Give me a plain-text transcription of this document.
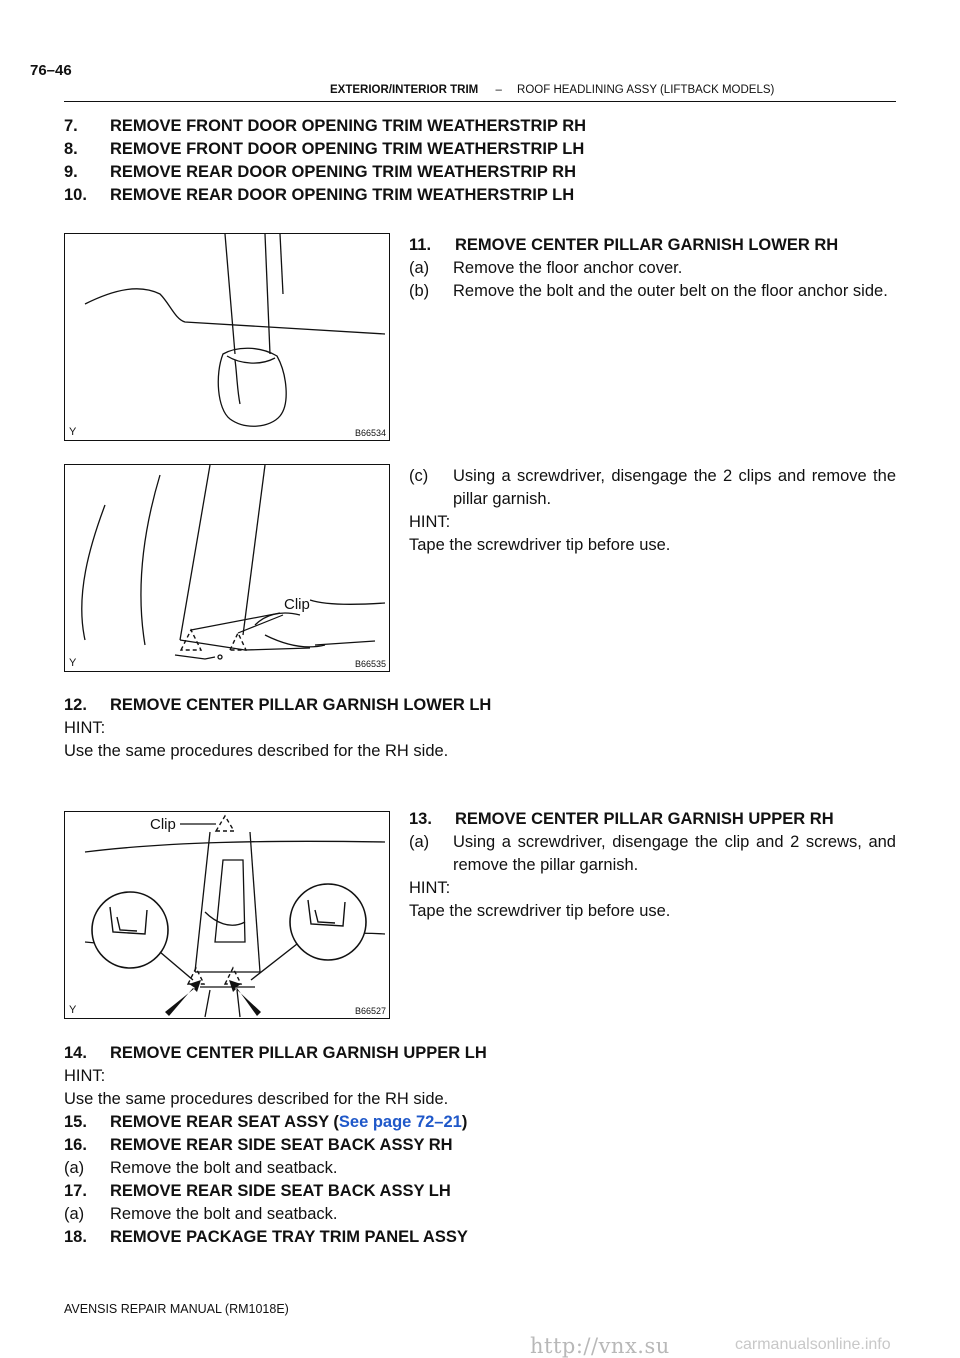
76–46
EXTERIOR/INTERIOR TRIM – ROOF HEADLINING ASSY (LIFTBACK MODELS)
7. REMOVE FRONT DOOR OPENING TRIM WEATHERSTRIP RH
8. REMOVE FRONT DOOR OPENING TRIM WEATHERSTRIP LH
9. REMOVE REAR DOOR OPENING TRIM WEATHERSTRIP RH
10. REMOVE REAR DOOR OPENING TRIM WEATHERSTRIP LH
Y	B66534
11. REMOVE CENTER PILLAR GARNISH LOWER RH
(a) Remove the floor anchor cover.
(b) Remove the bolt and the outer belt on the floor anchor side.
Clip
Y	B66535
(c) Using a screwdriver, disengage the 2 clips and remove the pillar garnish.
HINT:
Tape the screwdriver tip before use.
12. REMOVE CENTER PILLAR GARNISH LOWER LH
HINT:
Use the same procedures described for the RH side.
Clip
Y	B66527
13. REMOVE CENTER PILLAR GARNISH UPPER RH
(a) Using a screwdriver, disengage the clip and 2 screws, and remove the pillar garnish.
HINT:
Tape the screwdriver tip before use.
14. REMOVE CENTER PILLAR GARNISH UPPER LH
HINT:
Use the same procedures described for the RH side.
15. REMOVE REAR SEAT ASSY (See page 72–21)
16. REMOVE REAR SIDE SEAT BACK ASSY RH
(a) Remove the bolt and seatback.
17. REMOVE REAR SIDE SEAT BACK ASSY LH
(a) Remove the bolt and seatback.
18. REMOVE PACKAGE TRAY TRIM PANEL ASSY
AVENSIS REPAIR MANUAL (RM1018E)
http://vnx.su	carmanualsonline.info
